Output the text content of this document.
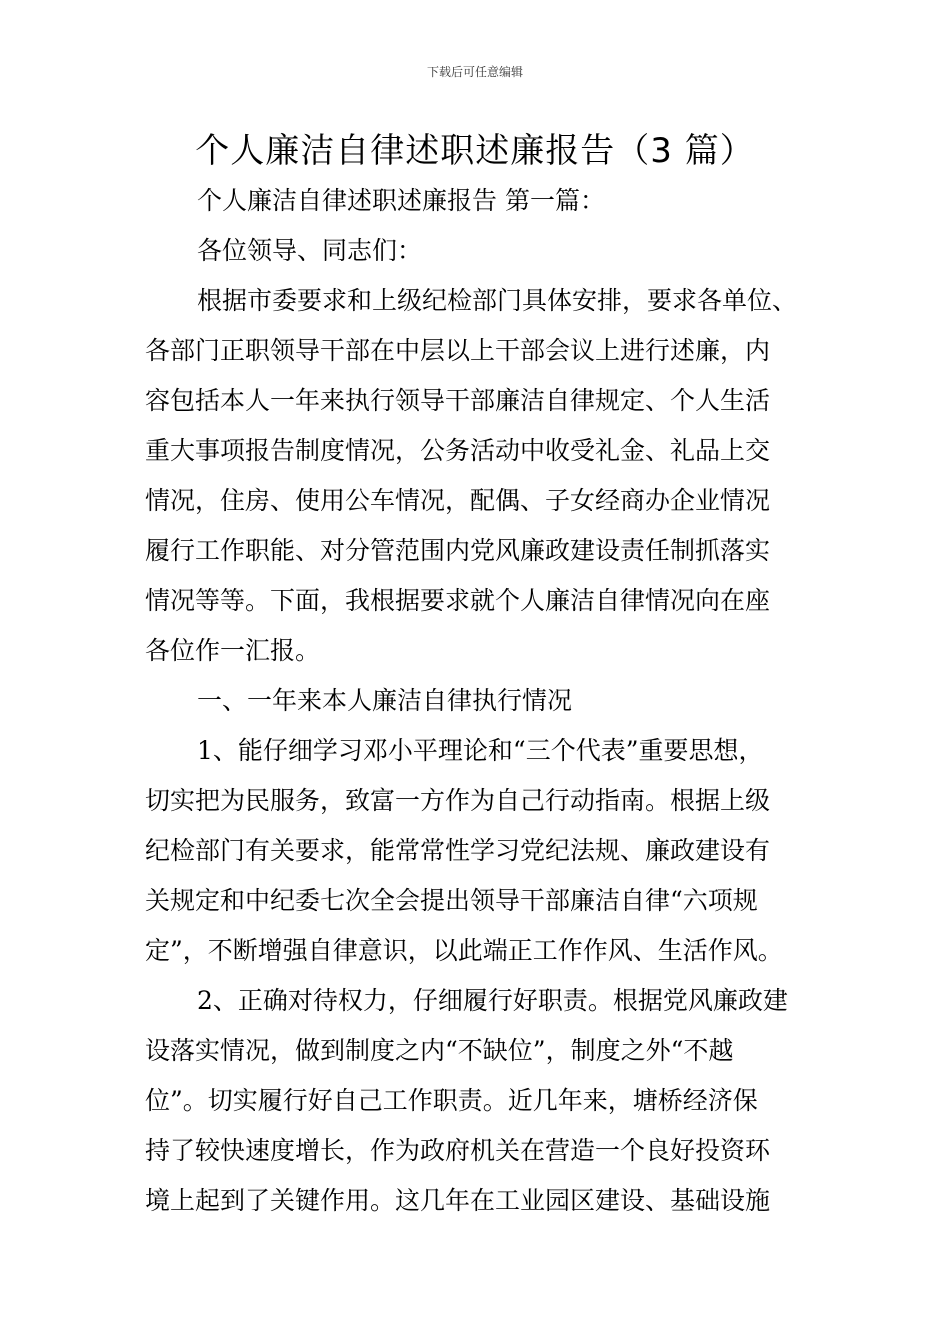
下载后可任意编辑
个人廉洁自律述职述廉报告（3 篇）

个人廉洁自律述职述廉报告 第一篇：

各位领导、同志们：

根据市委要求和上级纪检部门具体安排，要求各单位、

各部门正职领导干部在中层以上干部会议上进行述廉，内

容包括本人一年来执行领导干部廉洁自律规定、个人生活

重大事项报告制度情况，公务活动中收受礼金、礼品上交

情况，住房、使用公车情况，配偶、子女经商办企业情况

履行工作职能、对分管范围内党风廉政建设责任制抓落实

情况等等。下面，我根据要求就个人廉洁自律情况向在座

各位作一汇报。

一、一年来本人廉洁自律执行情况

1、能仔细学习邓小平理论和“三个代表”重要思想，

切实把为民服务，致富一方作为自己行动指南。根据上级

纪检部门有关要求，能常常性学习党纪法规、廉政建设有

关规定和中纪委七次全会提出领导干部廉洁自律“六项规

定”，不断增强自律意识，以此端正工作作风、生活作风。

2、正确对待权力，仔细履行好职责。根据党风廉政建

设落实情况，做到制度之内“不缺位”，制度之外“不越

位”。切实履行好自己工作职责。近几年来，塘桥经济保

持了较快速度增长，作为政府机关在营造一个良好投资环

境上起到了关键作用。这几年在工业园区建设、基础设施
